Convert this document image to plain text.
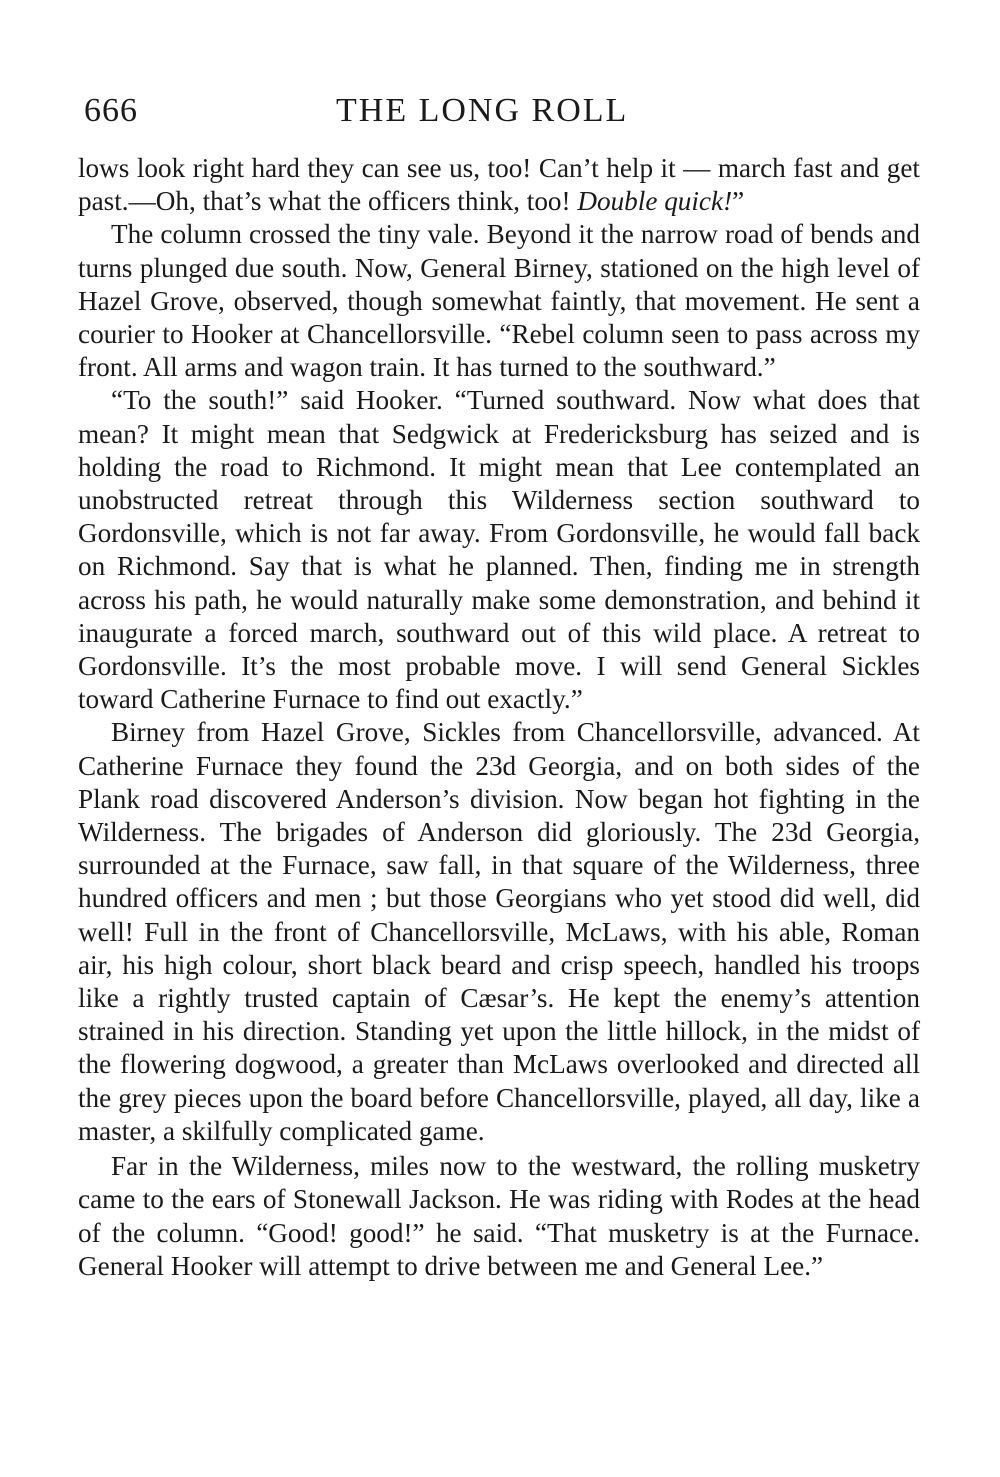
666	THE LONG ROLL

lows look right hard they can see us, too! Can’t help it — march fast and get past.—Oh, that’s what the officers think, too! Double quick!”

The column crossed the tiny vale. Beyond it the narrow road of bends and turns plunged due south. Now, General Birney, stationed on the high level of Hazel Grove, observed, though somewhat faintly, that movement. He sent a courier to Hooker at Chancellorsville. “Rebel column seen to pass across my front. All arms and wagon train. It has turned to the southward.”

“To the south!” said Hooker. “Turned southward. Now what does that mean? It might mean that Sedgwick at Fredericksburg has seized and is holding the road to Richmond. It might mean that Lee contemplated an unobstructed retreat through this Wilderness section southward to Gordonsville, which is not far away. From Gordonsville, he would fall back on Richmond. Say that is what he planned. Then, finding me in strength across his path, he would naturally make some demonstration, and behind it inaugurate a forced march, southward out of this wild place. A retreat to Gordonsville. It’s the most probable move. I will send General Sickles toward Catherine Furnace to find out exactly.”

Birney from Hazel Grove, Sickles from Chancellorsville, advanced. At Catherine Furnace they found the 23d Georgia, and on both sides of the Plank road discovered Anderson’s division. Now began hot fighting in the Wilderness. The brigades of Anderson did gloriously. The 23d Georgia, surrounded at the Furnace, saw fall, in that square of the Wilderness, three hundred officers and men ; but those Georgians who yet stood did well, did well! Full in the front of Chancellorsville, McLaws, with his able, Roman air, his high colour, short black beard and crisp speech, handled his troops like a rightly trusted captain of Cæsar’s. He kept the enemy’s attention strained in his direction. Standing yet upon the little hillock, in the midst of the flowering dogwood, a greater than McLaws overlooked and directed all the grey pieces upon the board before Chancellorsville, played, all day, like a master, a skilfully complicated game.

Far in the Wilderness, miles now to the westward, the rolling musketry came to the ears of Stonewall Jackson. He was riding with Rodes at the head of the column. “Good! good!” he said. “That musketry is at the Furnace. General Hooker will attempt to drive between me and General Lee.”
